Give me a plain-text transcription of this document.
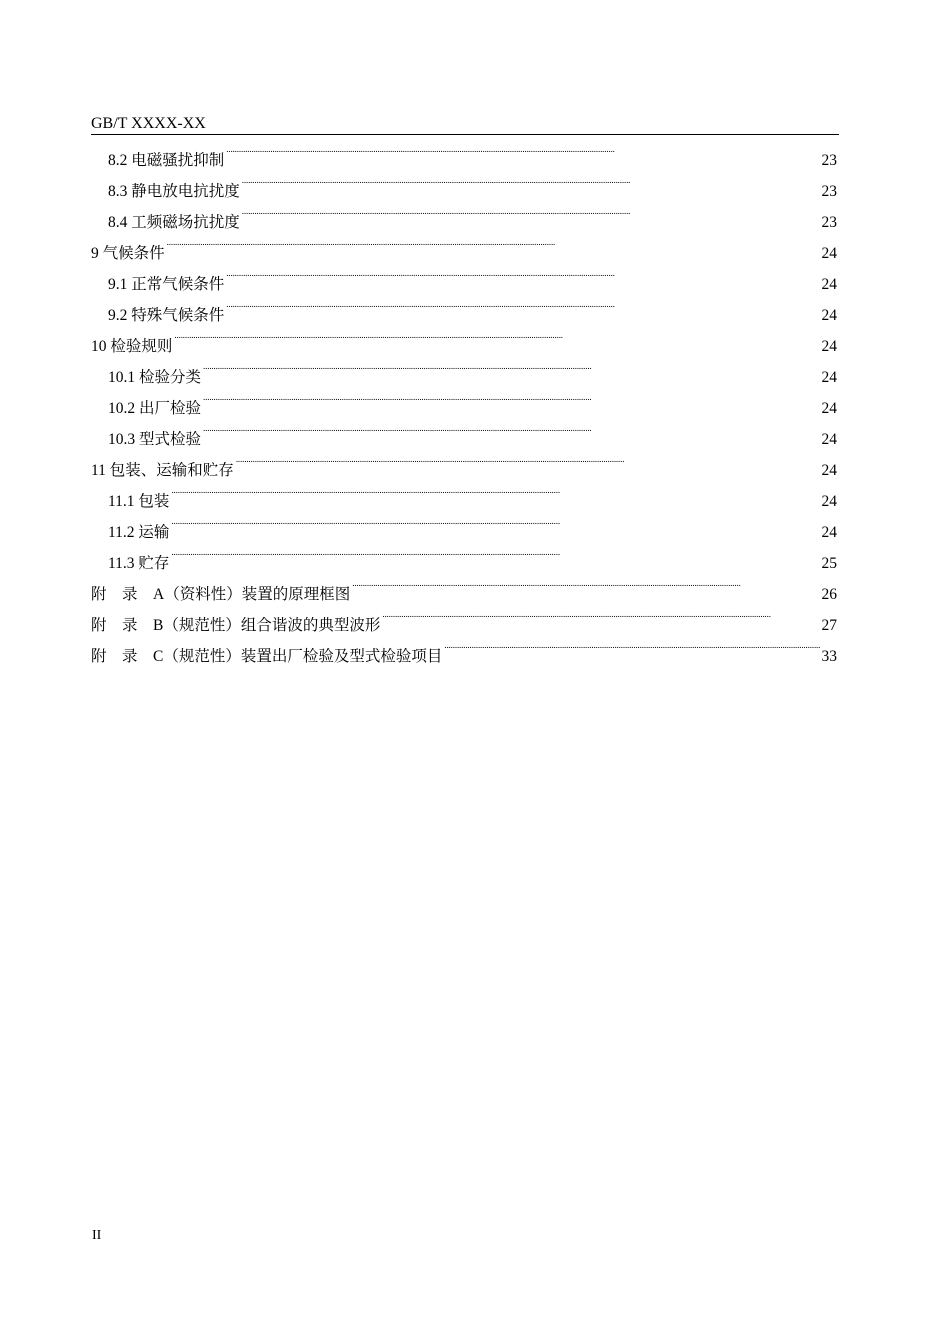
GB/T XXXX-XX
8.2 电磁骚扰抑制 . . .	23
8.3 静电放电抗扰度 . . .	23
8.4 工频磁场抗扰度 . . .	23
9 气候条件 . . .	24
9.1 正常气候条件 . . .	24
9.2 特殊气候条件 . . .	24
10 检验规则 . . .	24
10.1 检验分类 . . .	24
10.2 出厂检验 . . .	24
10.3 型式检验 . . .	24
11 包装、运输和贮存 . . .	24
11.1 包装 . . .	24
11.2 运输 . . .	24
11.3 贮存 . . .	25
附　录　A（资料性）装置的原理框图 . . .	26
附　录　B（规范性）组合谐波的典型波形 . . .	27
附　录　C（规范性）装置出厂检验及型式检验项目 . . .	33
II
